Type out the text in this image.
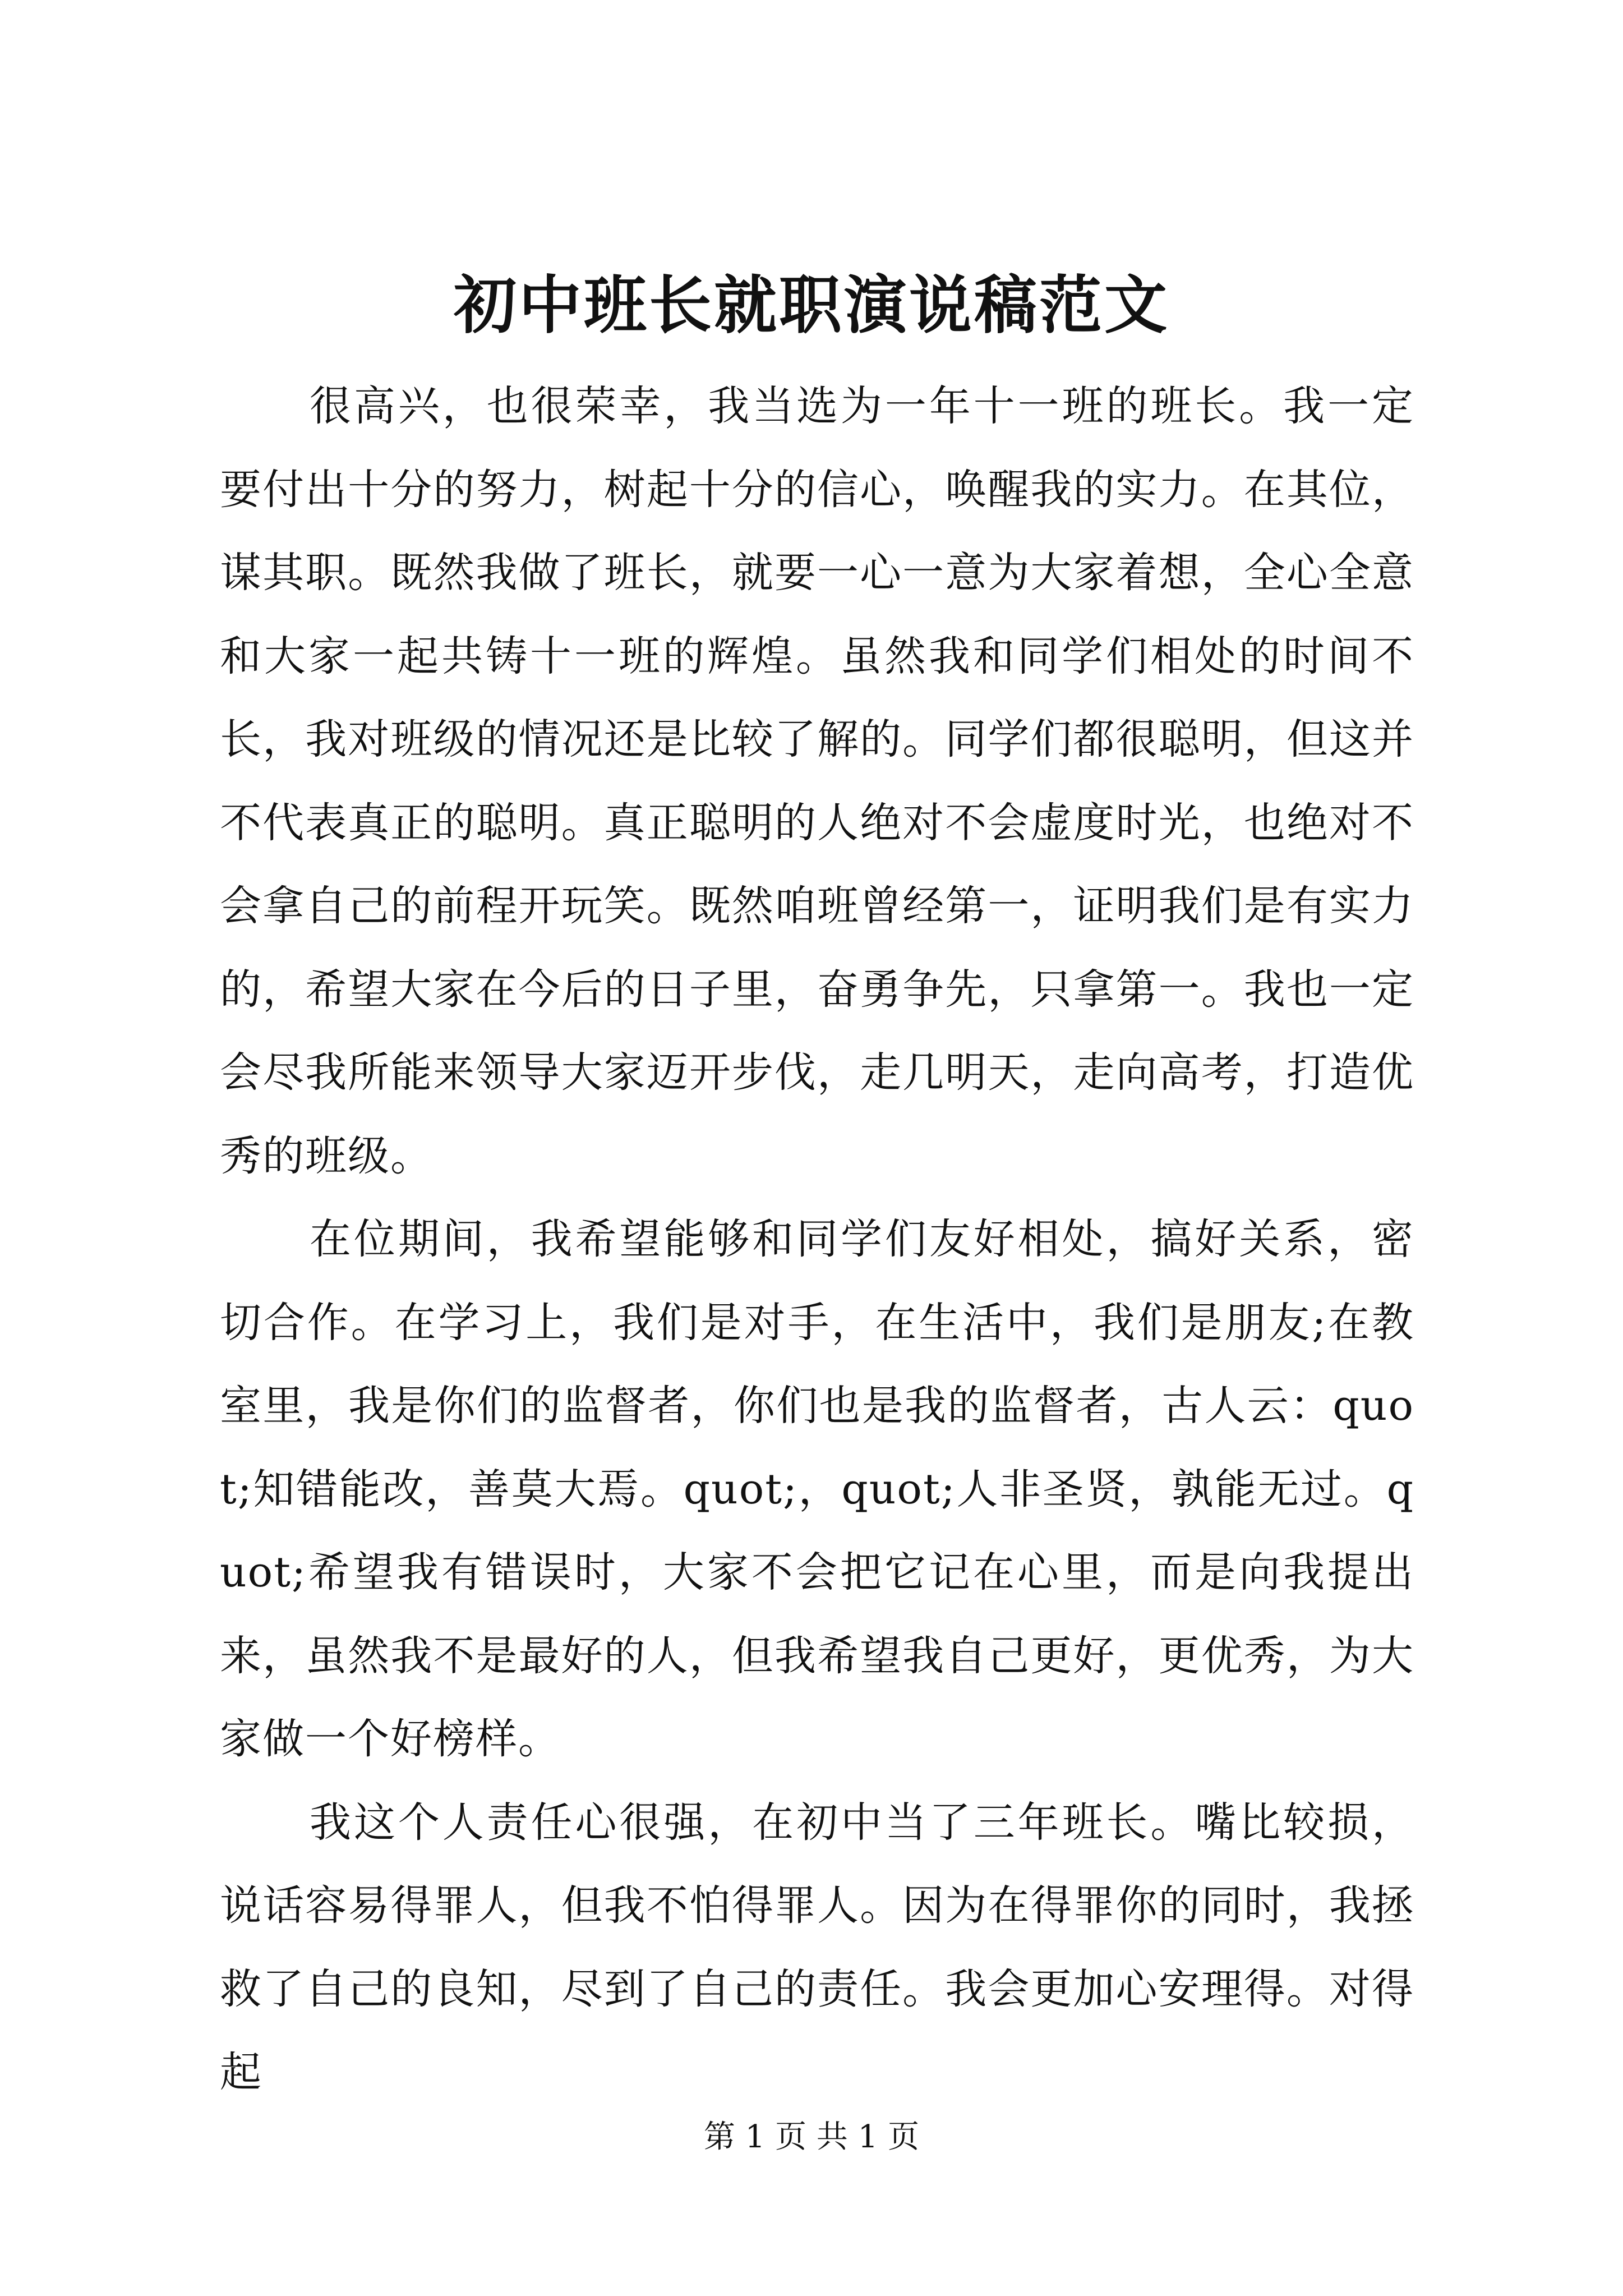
初中班长就职演说稿范文

很高兴，也很荣幸，我当选为一年十一班的班长。我一定要付出十分的努力，树起十分的信心，唤醒我的实力。在其位，谋其职。既然我做了班长，就要一心一意为大家着想，全心全意和大家一起共铸十一班的辉煌。虽然我和同学们相处的时间不长，我对班级的情况还是比较了解的。同学们都很聪明，但这并不代表真正的聪明。真正聪明的人绝对不会虚度时光，也绝对不会拿自己的前程开玩笑。既然咱班曾经第一，证明我们是有实力的，希望大家在今后的日子里，奋勇争先，只拿第一。我也一定会尽我所能来领导大家迈开步伐，走几明天，走向高考，打造优秀的班级。

在位期间，我希望能够和同学们友好相处，搞好关系，密切合作。在学习上，我们是对手，在生活中，我们是朋友;在教室里，我是你们的监督者，你们也是我的监督者，古人云：quot;知错能改，善莫大焉。quot;，quot;人非圣贤，孰能无过。quot;希望我有错误时，大家不会把它记在心里，而是向我提出来，虽然我不是最好的人，但我希望我自己更好，更优秀，为大家做一个好榜样。

我这个人责任心很强，在初中当了三年班长。嘴比较损，说话容易得罪人，但我不怕得罪人。因为在得罪你的同时，我拯救了自己的良知，尽到了自己的责任。我会更加心安理得。对得起

第 1 页 共 1 页
